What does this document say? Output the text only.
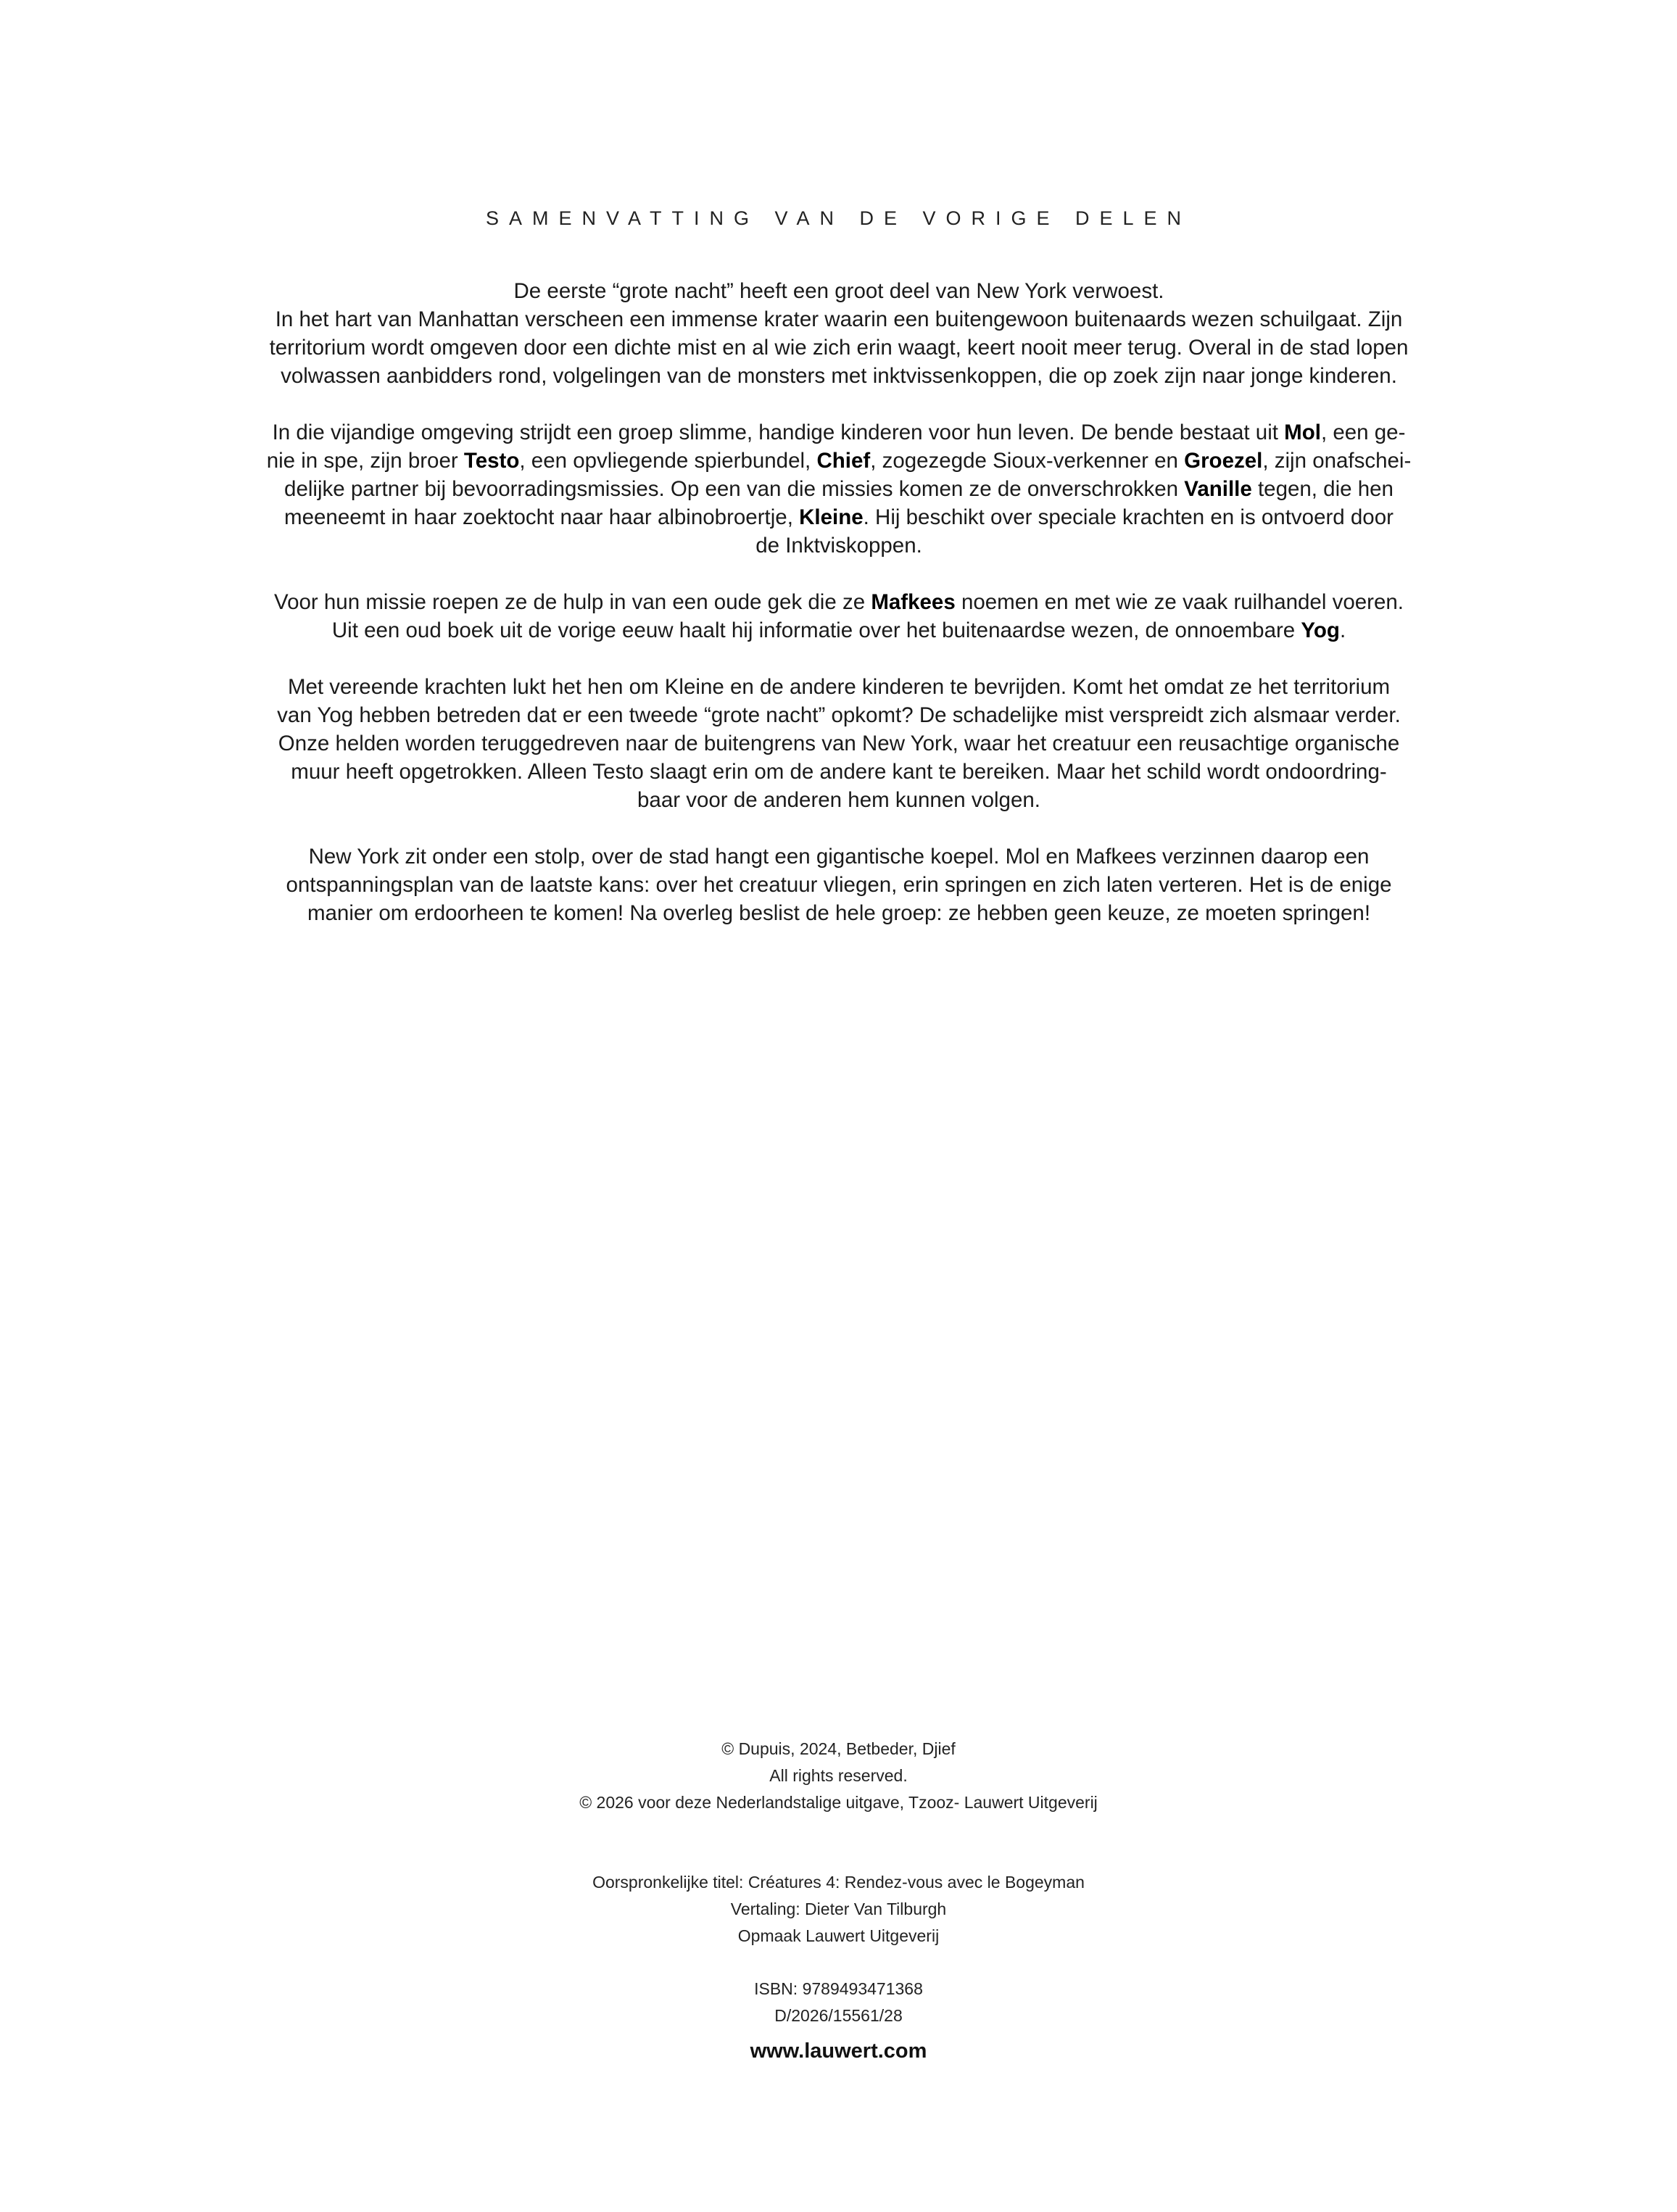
SAMENVATTING VAN DE VORIGE DELEN

De eerste “grote nacht” heeft een groot deel van New York verwoest.
In het hart van Manhattan verscheen een immense krater waarin een buitengewoon buitenaards wezen schuilgaat. Zijn
territorium wordt omgeven door een dichte mist en al wie zich erin waagt, keert nooit meer terug. Overal in de stad lopen
volwassen aanbidders rond, volgelingen van de monsters met inktvissenkoppen, die op zoek zijn naar jonge kinderen.

In die vijandige omgeving strijdt een groep slimme, handige kinderen voor hun leven. De bende bestaat uit Mol, een ge-
nie in spe, zijn broer Testo, een opvliegende spierbundel, Chief, zogezegde Sioux-verkenner en Groezel, zijn onafschei-
delijke partner bij bevoorradingsmissies. Op een van die missies komen ze de onverschrokken Vanille tegen, die hen
meeneemt in haar zoektocht naar haar albinobroertje, Kleine. Hij beschikt over speciale krachten en is ontvoerd door
de Inktviskoppen.

Voor hun missie roepen ze de hulp in van een oude gek die ze Mafkees noemen en met wie ze vaak ruilhandel voeren.
Uit een oud boek uit de vorige eeuw haalt hij informatie over het buitenaardse wezen, de onnoembare Yog.

Met vereende krachten lukt het hen om Kleine en de andere kinderen te bevrijden. Komt het omdat ze het territorium
van Yog hebben betreden dat er een tweede “grote nacht” opkomt? De schadelijke mist verspreidt zich alsmaar verder.
Onze helden worden teruggedreven naar de buitengrens van New York, waar het creatuur een reusachtige organische
muur heeft opgetrokken. Alleen Testo slaagt erin om de andere kant te bereiken. Maar het schild wordt ondoordring-
baar voor de anderen hem kunnen volgen.

New York zit onder een stolp, over de stad hangt een gigantische koepel. Mol en Mafkees verzinnen daarop een
ontspanningsplan van de laatste kans: over het creatuur vliegen, erin springen en zich laten verteren. Het is de enige
manier om erdoorheen te komen! Na overleg beslist de hele groep: ze hebben geen keuze, ze moeten springen!

© Dupuis, 2024, Betbeder, Djief
All rights reserved.
© 2026 voor deze Nederlandstalige uitgave, Tzooz- Lauwert Uitgeverij
Oorspronkelijke titel: Créatures 4: Rendez-vous avec le Bogeyman
Vertaling: Dieter Van Tilburgh
Opmaak Lauwert Uitgeverij
ISBN: 9789493471368
D/2026/15561/28

www.lauwert.com
